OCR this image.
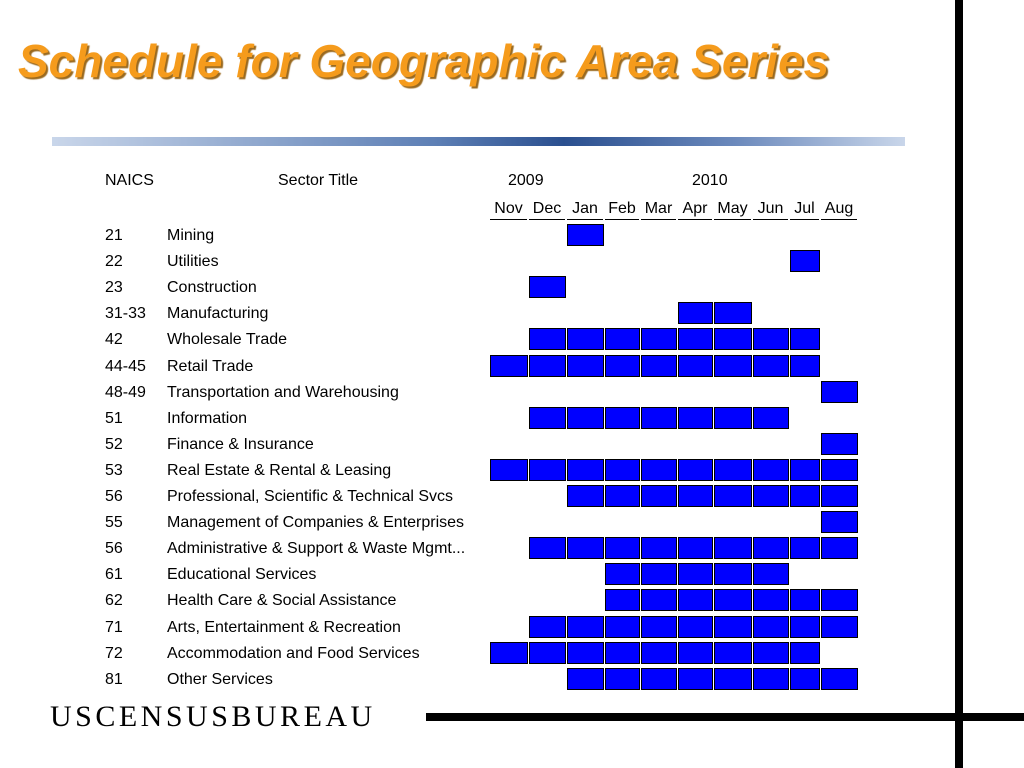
Schedule for Geographic Area Series
NAICS	Sector Title	2009	2010
Nov Dec Jan Feb Mar Apr May Jun Jul Aug
21	Mining
22	Utilities
23	Construction
31-33 Manufacturing
42	Wholesale Trade
44-45 Retail Trade
48-49 Transportation and Warehousing
51	Information
52	Finance & Insurance
53	Real Estate & Rental & Leasing
56	Professional, Scientific & Technical Svcs
55	Management of Companies & Enterprises
56	Administrative & Support & Waste Mgmt...
61	Educational Services
62	Health Care & Social Assistance
71	Arts, Entertainment & Recreation
72	Accommodation and Food Services
81	Other Services
USCENSUSBUREAU
